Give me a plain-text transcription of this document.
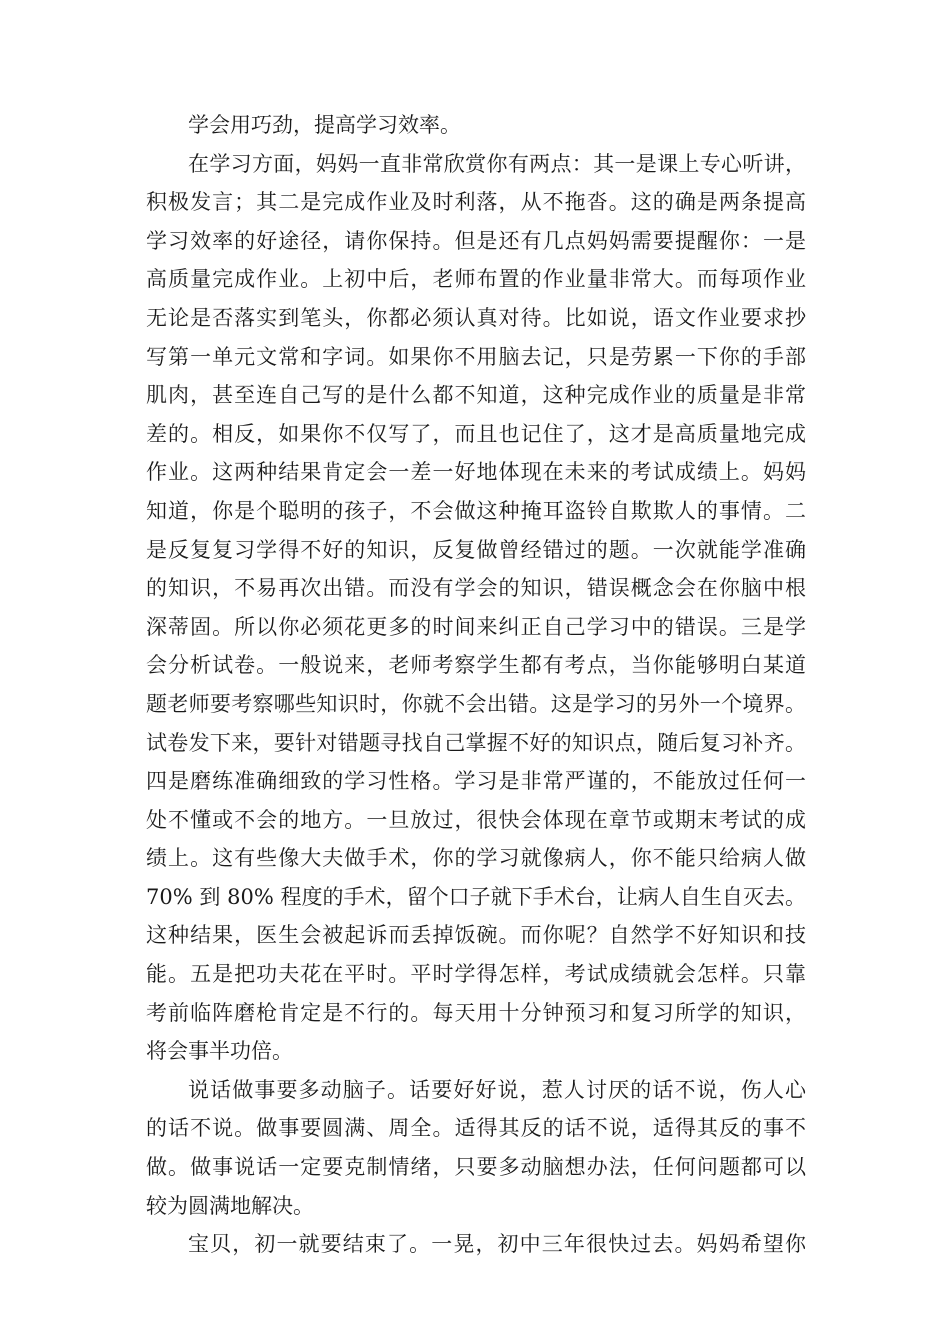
学会用巧劲，提高学习效率。
在学习方面，妈妈一直非常欣赏你有两点：其一是课上专心听讲，
积极发言；其二是完成作业及时利落，从不拖沓。这的确是两条提高
学习效率的好途径，请你保持。但是还有几点妈妈需要提醒你：一是
高质量完成作业。上初中后，老师布置的作业量非常大。而每项作业
无论是否落实到笔头，你都必须认真对待。比如说，语文作业要求抄
写第一单元文常和字词。如果你不用脑去记，只是劳累一下你的手部
肌肉，甚至连自己写的是什么都不知道，这种完成作业的质量是非常
差的。相反，如果你不仅写了，而且也记住了，这才是高质量地完成
作业。这两种结果肯定会一差一好地体现在未来的考试成绩上。妈妈
知道，你是个聪明的孩子，不会做这种掩耳盗铃自欺欺人的事情。二
是反复复习学得不好的知识，反复做曾经错过的题。一次就能学准确
的知识，不易再次出错。而没有学会的知识，错误概念会在你脑中根
深蒂固。所以你必须花更多的时间来纠正自己学习中的错误。三是学
会分析试卷。一般说来，老师考察学生都有考点，当你能够明白某道
题老师要考察哪些知识时，你就不会出错。这是学习的另外一个境界。
试卷发下来，要针对错题寻找自己掌握不好的知识点，随后复习补齐。
四是磨练准确细致的学习性格。学习是非常严谨的，不能放过任何一
处不懂或不会的地方。一旦放过，很快会体现在章节或期末考试的成
绩上。这有些像大夫做手术，你的学习就像病人，你不能只给病人做
70% 到 80% 程度的手术，留个口子就下手术台，让病人自生自灭去。
这种结果，医生会被起诉而丢掉饭碗。而你呢？自然学不好知识和技
能。五是把功夫花在平时。平时学得怎样，考试成绩就会怎样。只靠
考前临阵磨枪肯定是不行的。每天用十分钟预习和复习所学的知识，
将会事半功倍。
说话做事要多动脑子。话要好好说，惹人讨厌的话不说，伤人心
的话不说。做事要圆满、周全。适得其反的话不说，适得其反的事不
做。做事说话一定要克制情绪，只要多动脑想办法，任何问题都可以
较为圆满地解决。
宝贝，初一就要结束了。一晃，初中三年很快过去。妈妈希望你
